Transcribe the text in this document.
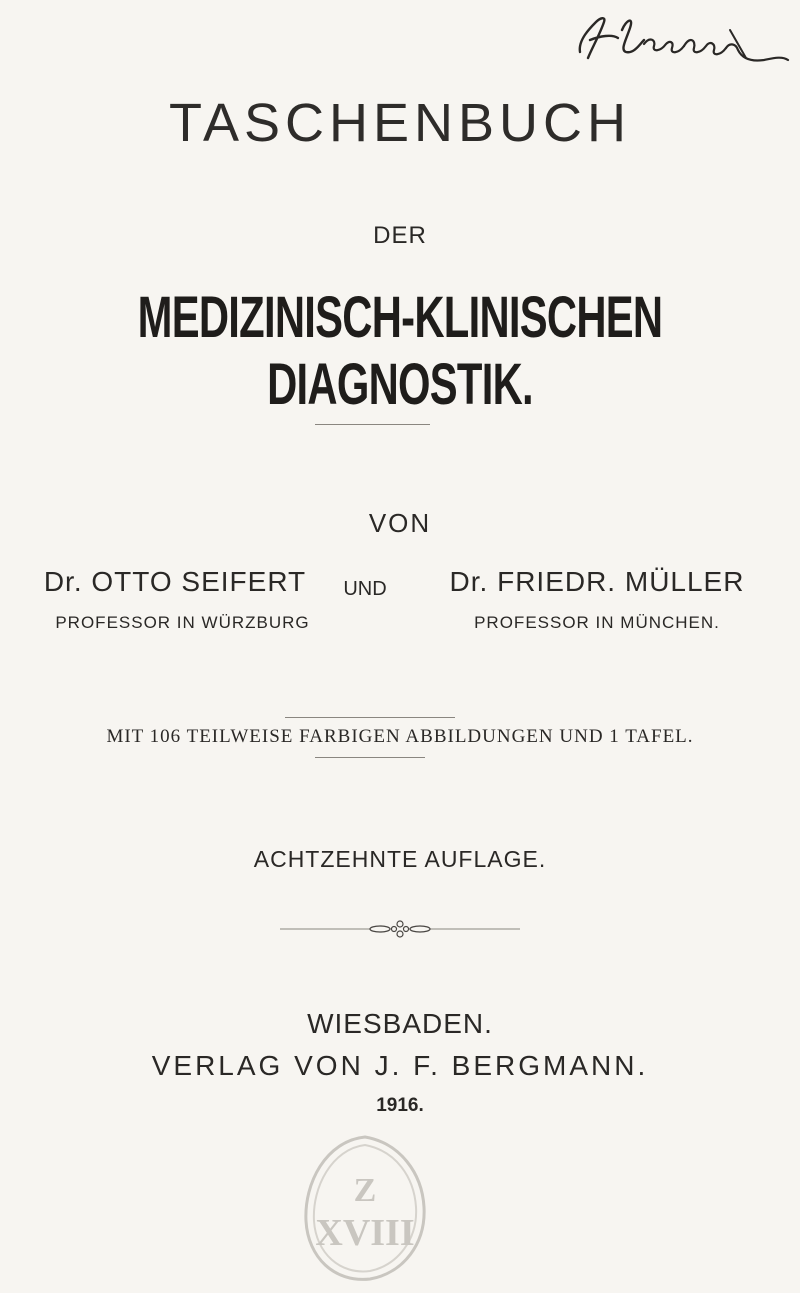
TASCHENBUCH
DER
MEDIZINISCH-KLINISCHEN DIAGNOSTIK.
VON
Dr. OTTO SEIFERT	UND	Dr. FRIEDR. MÜLLER
PROFESSOR IN WÜRZBURG	PROFESSOR IN MÜNCHEN.
MIT 106 TEILWEISE FARBIGEN ABBILDUNGEN UND 1 TAFEL.
ACHTZEHNTE AUFLAGE.
WIESBADEN.
VERLAG VON J. F. BERGMANN.
1916.
Z
XVIII
